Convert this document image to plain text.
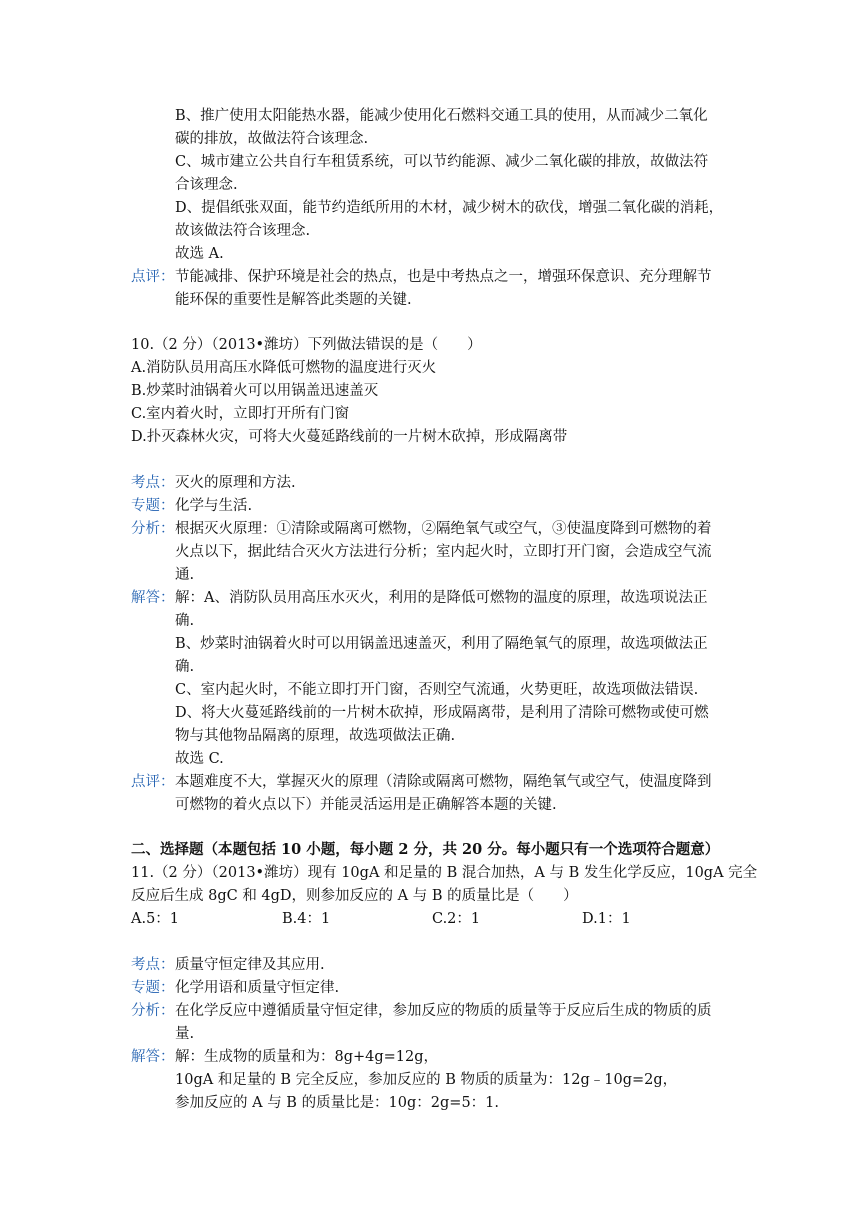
B、推广使用太阳能热水器，能减少使用化石燃料交通工具的使用，从而减少二氧化
碳的排放，故做法符合该理念.
C、城市建立公共自行车租赁系统，可以节约能源、减少二氧化碳的排放，故做法符
合该理念.
D、提倡纸张双面，能节约造纸所用的木材，减少树木的砍伐，增强二氧化碳的消耗，
故该做法符合该理念.
故选 A.
点评： 节能减排、保护环境是社会的热点，也是中考热点之一，增强环保意识、充分理解节
能环保的重要性是解答此类题的关键.
10.（2 分）（2013•潍坊）下列做法错误的是（　　）
A.消防队员用高压水降低可燃物的温度进行灭火
B.炒菜时油锅着火可以用锅盖迅速盖灭
C.室内着火时，立即打开所有门窗
D.扑灭森林火灾，可将大火蔓延路线前的一片树木砍掉，形成隔离带
考点： 灭火的原理和方法.
专题： 化学与生活.
分析： 根据灭火原理：①清除或隔离可燃物，②隔绝氧气或空气，③使温度降到可燃物的着
火点以下，据此结合灭火方法进行分析；室内起火时，立即打开门窗，会造成空气流
通.
解答： 解：A、消防队员用高压水灭火，利用的是降低可燃物的温度的原理，故选项说法正
确.
B、炒菜时油锅着火时可以用锅盖迅速盖灭，利用了隔绝氧气的原理，故选项做法正
确.
C、室内起火时，不能立即打开门窗，否则空气流通，火势更旺，故选项做法错误.
D、将大火蔓延路线前的一片树木砍掉，形成隔离带，是利用了清除可燃物或使可燃
物与其他物品隔离的原理，故选项做法正确.
故选 C.
点评： 本题难度不大，掌握灭火的原理（清除或隔离可燃物，隔绝氧气或空气，使温度降到
可燃物的着火点以下）并能灵活运用是正确解答本题的关键.
二、选择题（本题包括 10 小题，每小题 2 分，共 20 分。每小题只有一个选项符合题意）
11.（2 分）（2013•潍坊）现有 10gA 和足量的 B 混合加热，A 与 B 发生化学反应，10gA 完全
反应后生成 8gC 和 4gD，则参加反应的 A 与 B 的质量比是（　　）
A.5：1	B.4：1	C.2：1	D.1：1
考点： 质量守恒定律及其应用.
专题： 化学用语和质量守恒定律.
分析： 在化学反应中遵循质量守恒定律，参加反应的物质的质量等于反应后生成的物质的质
量.
解答： 解：生成物的质量和为：8g+4g=12g，
10gA 和足量的 B 完全反应，参加反应的 B 物质的质量为：12g﹣10g=2g，
参加反应的 A 与 B 的质量比是：10g：2g=5：1.
